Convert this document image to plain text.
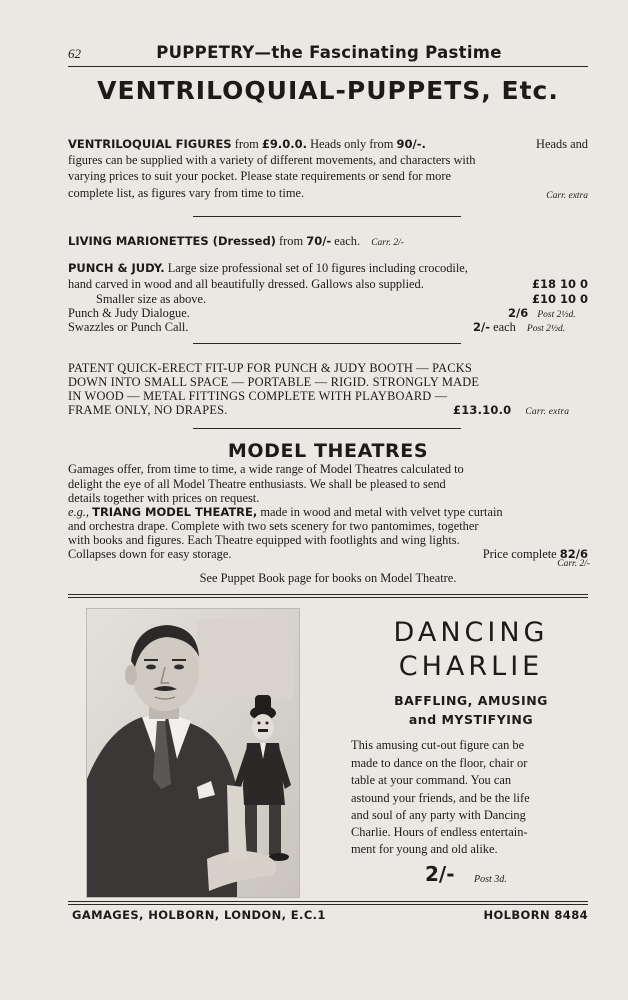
62	PUPPETRY—the Fascinating Pastime
VENTRILOQUIAL-PUPPETS, Etc.
VENTRILOQUIAL FIGURES from £9.0.0. Heads only from 90/-.	Heads and
figures can be supplied with a variety of different movements, and characters with
varying prices to suit your pocket. Please state requirements or send for more
complete list, as figures vary from time to time.	Carr. extra
LIVING MARIONETTES (Dressed) from 70/- each. Carr. 2/-
PUNCH & JUDY. Large size professional set of 10 figures including crocodile,
hand carved in wood and all beautifully dressed. Gallows also supplied.	£18 10 0
Smaller size as above.	£10 10 0
Punch & Judy Dialogue.	2/6 Post 2½d.
Swazzles or Punch Call.	2/- each Post 2½d.
PATENT QUICK-ERECT FIT-UP FOR PUNCH & JUDY BOOTH — PACKS
DOWN INTO SMALL SPACE — PORTABLE — RIGID. STRONGLY MADE
IN WOOD — METAL FITTINGS COMPLETE WITH PLAYBOARD —
FRAME ONLY, NO DRAPES.	£13.10.0 Carr. extra
MODEL THEATRES
Gamages offer, from time to time, a wide range of Model Theatres calculated to
delight the eye of all Model Theatre enthusiasts. We shall be pleased to send
details together with prices on request.
e.g., TRIANG MODEL THEATRE, made in wood and metal with velvet type curtain
and orchestra drape. Complete with two sets scenery for two pantomimes, together
with books and figures. Each Theatre equipped with footlights and wing lights.
Collapses down for easy storage.	Price complete 82/6
Carr. 2/-
See Puppet Book page for books on Model Theatre.
DANCING
CHARLIE
BAFFLING, AMUSING
and MYSTIFYING
This amusing cut-out figure can be
made to dance on the floor, chair or
table at your command. You can
astound your friends, and be the life
and soul of any party with Dancing
Charlie. Hours of endless entertain-
ment for young and old alike.
2/- Post 3d.
GAMAGES, HOLBORN, LONDON, E.C.1	HOLBORN 8484
